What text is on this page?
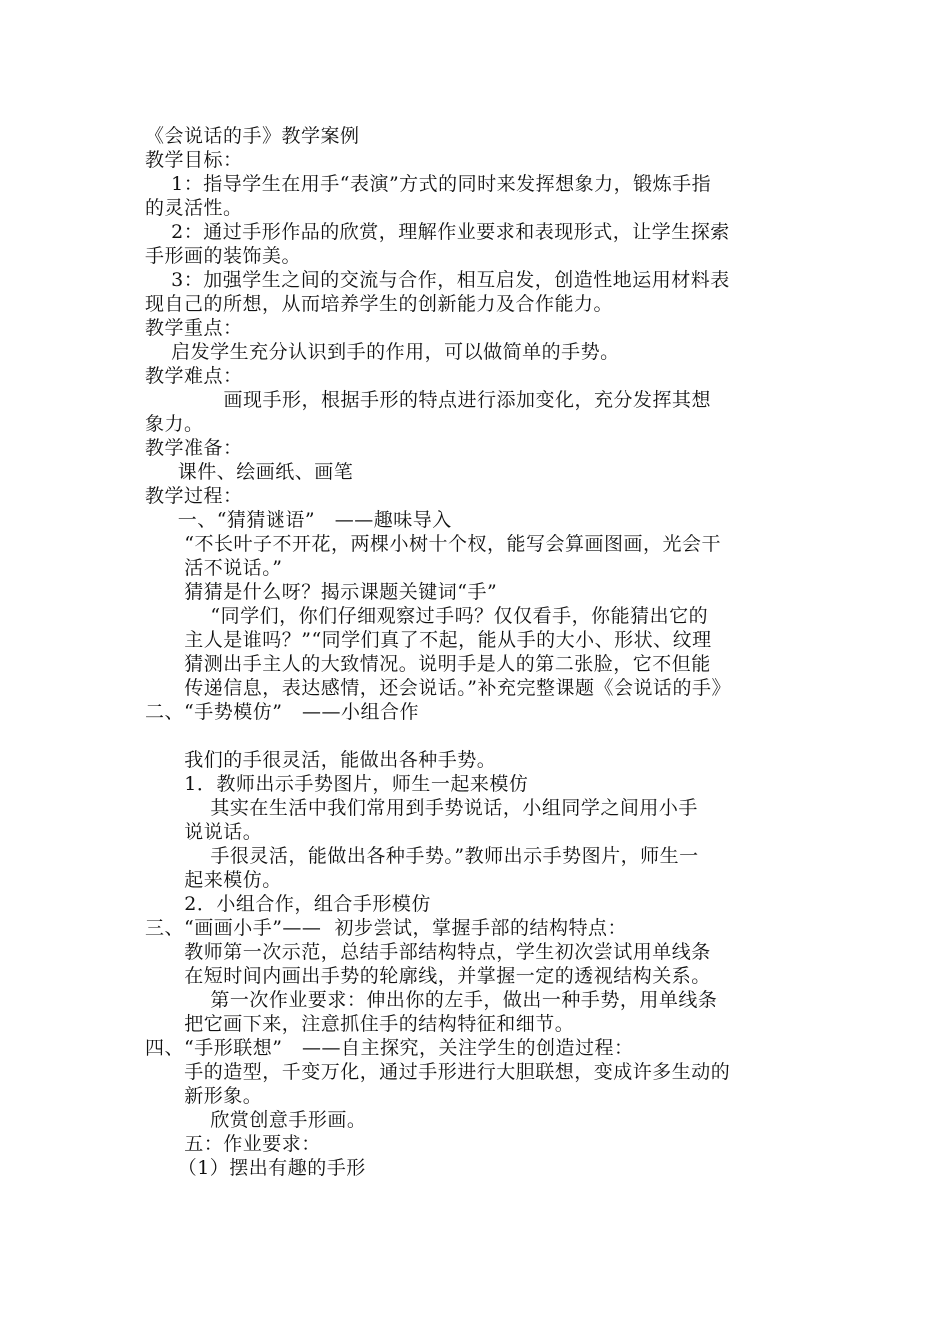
《会说话的手》教学案例
教学目标：
1：指导学生在用手“表演”方式的同时来发挥想象力，锻炼手指
的灵活性。
2：通过手形作品的欣赏，理解作业要求和表现形式，让学生探索
手形画的装饰美。
3：加强学生之间的交流与合作，相互启发，创造性地运用材料表
现自己的所想，从而培养学生的创新能力及合作能力。
教学重点：
启发学生充分认识到手的作用，可以做简单的手势。
教学难点：
画现手形，根据手形的特点进行添加变化，充分发挥其想
象力。
教学准备：
课件、绘画纸、画笔
教学过程：
一、“猜猜谜语”   ——趣味导入
“不长叶子不开花，两棵小树十个杈，能写会算画图画，光会干
活不说话。”
猜猜是什么呀？揭示课题关键词“手”
“同学们，你们仔细观察过手吗？仅仅看手，你能猜出它的
主人是谁吗？”“同学们真了不起，能从手的大小、形状、纹理
猜测出手主人的大致情况。说明手是人的第二张脸，它不但能
传递信息，表达感情，还会说话。”补充完整课题《会说话的手》
二、“手势模仿”   ——小组合作
我们的手很灵活，能做出各种手势。
1．教师出示手势图片，师生一起来模仿
其实在生活中我们常用到手势说话，小组同学之间用小手
说说话。
手很灵活，能做出各种手势。”教师出示手势图片，师生一
起来模仿。
2．小组合作，组合手形模仿
三、“画画小手”——  初步尝试，掌握手部的结构特点：
教师第一次示范，总结手部结构特点，学生初次尝试用单线条
在短时间内画出手势的轮廓线，并掌握一定的透视结构关系。
第一次作业要求：伸出你的左手，做出一种手势，用单线条
把它画下来，注意抓住手的结构特征和细节。
四、“手形联想”   ——自主探究，关注学生的创造过程：
手的造型，千变万化，通过手形进行大胆联想，变成许多生动的
新形象。
欣赏创意手形画。
五：作业要求：
（1）摆出有趣的手形
